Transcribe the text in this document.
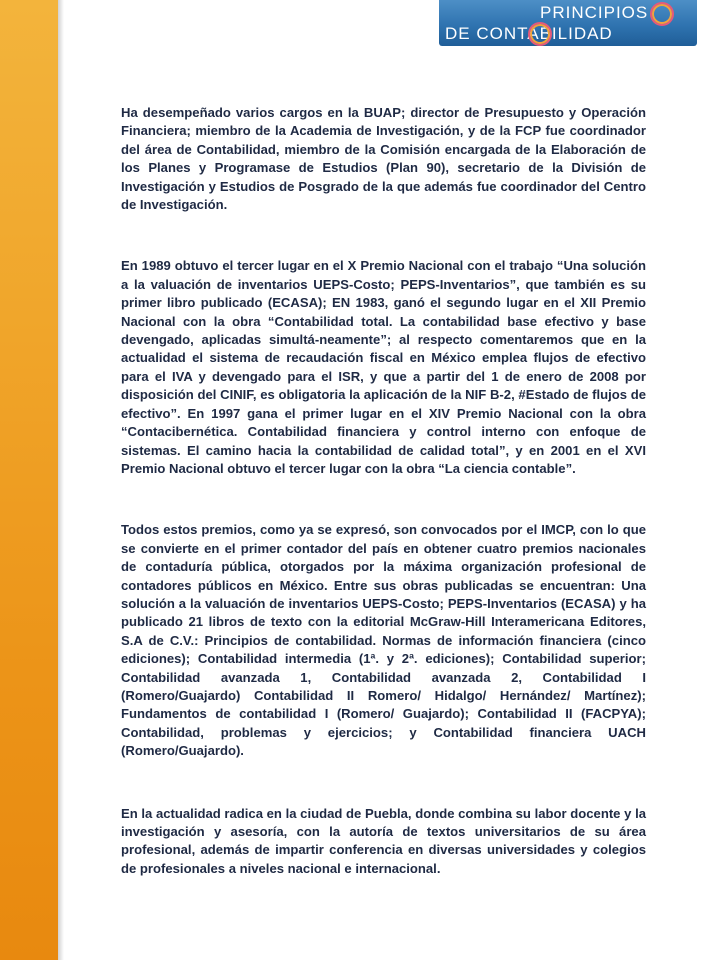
PRINCIPIOS
DE CONTABILIDAD

Ha desempeñado varios cargos en la BUAP; director de Presupuesto y Operación Financiera; miembro de la Academia de Investigación, y de la FCP fue coordinador del área de Contabilidad, miembro de la Comisión encargada de la Elaboración de los Planes y Programase de Estudios (Plan 90), secretario de la División de Investigación y Estudios de Posgrado de la que además fue coordinador del Centro de Investigación.

En 1989 obtuvo el tercer lugar en el X Premio Nacional con el trabajo “Una solución a la valuación de inventarios UEPS-Costo; PEPS-Inventarios”, que también es su primer libro publicado (ECASA); EN 1983, ganó el segundo lugar en el XII Premio Nacional con la obra “Contabilidad total. La contabilidad base efectivo y base devengado, aplicadas simultá-neamente”; al respecto comentaremos que en la actualidad el sistema de recaudación fiscal en México emplea flujos de efectivo para el IVA y devengado para el ISR, y que a partir del 1 de enero de 2008 por disposición del CINIF, es obligatoria la aplicación de la NIF B-2, #Estado de flujos de efectivo”. En 1997 gana el primer lugar en el XIV Premio Nacional con la obra “Contacibernética. Contabilidad financiera y control interno con enfoque de sistemas. El camino hacia la contabilidad de calidad total”, y en 2001 en el XVI Premio Nacional obtuvo el tercer lugar con la obra “La ciencia contable”.

Todos estos premios, como ya se expresó, son convocados por el IMCP, con lo que se convierte en el primer contador del país en obtener cuatro premios nacionales de contaduría pública, otorgados por la máxima organización profesional de contadores públicos en México. Entre sus obras publicadas se encuentran: Una solución a la valuación de inventarios UEPS-Costo; PEPS-Inventarios (ECASA) y ha publicado 21 libros de texto con la editorial McGraw-Hill Interamericana Editores, S.A de C.V.: Principios de contabilidad. Normas de información financiera (cinco ediciones); Contabilidad intermedia (1ª. y 2ª. ediciones); Contabilidad superior; Contabilidad avanzada 1, Contabilidad avanzada 2, Contabilidad I (Romero/Guajardo) Contabilidad II Romero/ Hidalgo/ Hernández/ Martínez); Fundamentos de contabilidad I (Romero/ Guajardo); Contabilidad II (FACPYA); Contabilidad, problemas y ejercicios; y Contabilidad financiera UACH (Romero/Guajardo).

En la actualidad radica en la ciudad de Puebla, donde combina su labor docente y la investigación y asesoría, con la autoría de textos universitarios de su área profesional, además de impartir conferencia en diversas universidades y colegios de profesionales a niveles nacional e internacional.
